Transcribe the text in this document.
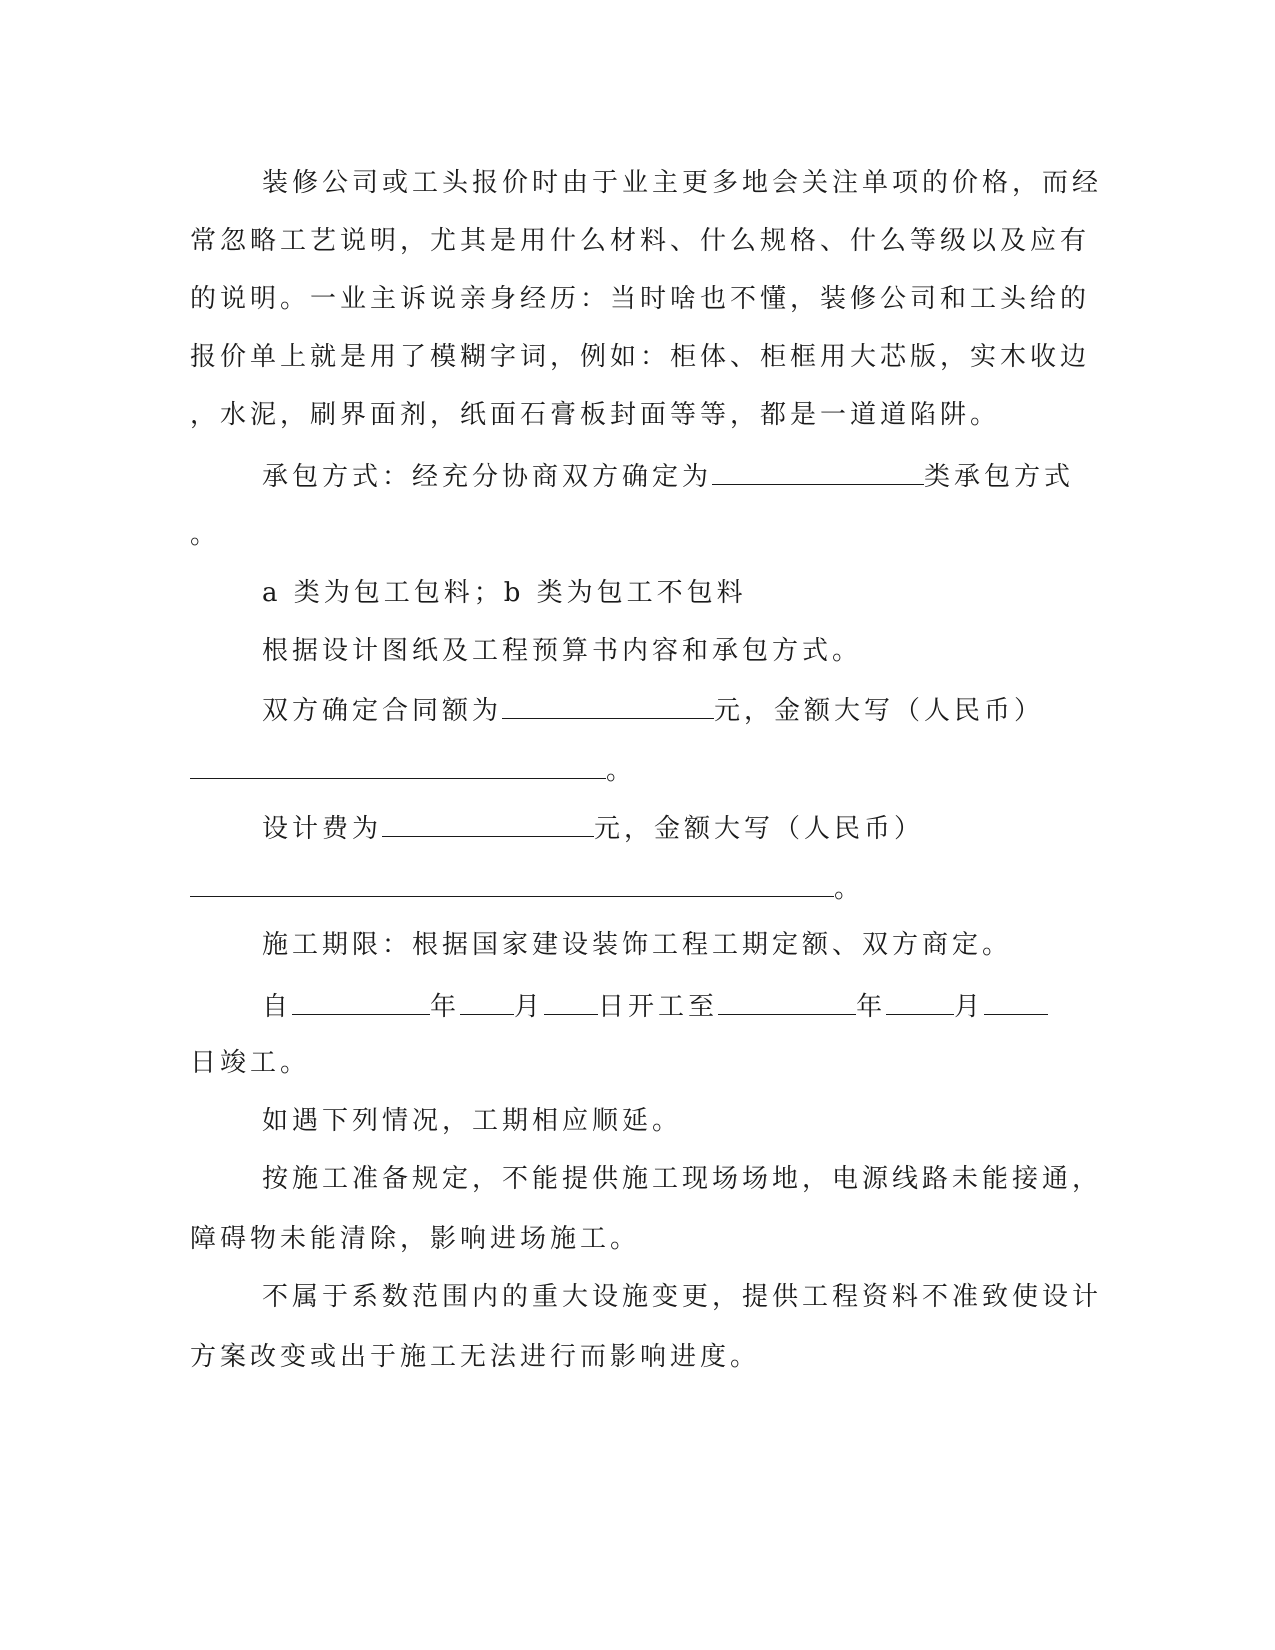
装修公司或工头报价时由于业主更多地会关注单项的价格，而经
常忽略工艺说明，尤其是用什么材料、什么规格、什么等级以及应有
的说明。一业主诉说亲身经历：当时啥也不懂，装修公司和工头给的
报价单上就是用了模糊字词，例如：柜体、柜框用大芯版，实木收边
，水泥，刷界面剂，纸面石膏板封面等等，都是一道道陷阱。
承包方式：经充分协商双方确定为	类承包方式
。
a 类为包工包料；b 类为包工不包料
根据设计图纸及工程预算书内容和承包方式。
双方确定合同额为	元，金额大写（人民币）
。
设计费为	元，金额大写（人民币）
。
施工期限：根据国家建设装饰工程工期定额、双方商定。
自	年 月 日开工至	年	月
日竣工。
如遇下列情况，工期相应顺延。
按施工准备规定，不能提供施工现场场地，电源线路未能接通，
障碍物未能清除，影响进场施工。
不属于系数范围内的重大设施变更，提供工程资料不准致使设计
方案改变或出于施工无法进行而影响进度。
